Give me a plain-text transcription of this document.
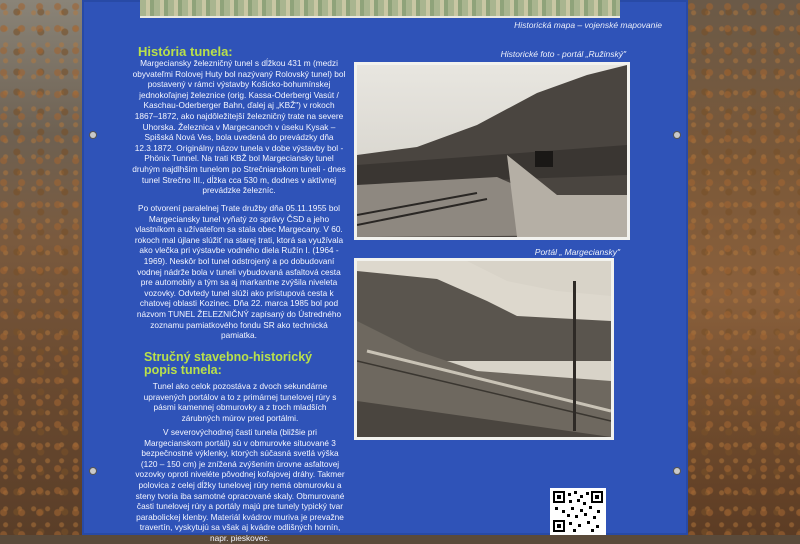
Historická mapa – vojenské mapovanie
História tunela:

Margeciansky železničný tunel s dĺžkou 431 m (medzi obyvateľmi Rolovej Huty bol nazývaný Rolovský tunel) bol postavený v rámci výstavby Košicko-bohumínskej jednokoľajnej železnice (orig. Kassa-Oderbergi Vasút / Kaschau-Oderberger Bahn, ďalej aj „KBŽ") v rokoch 1867–1872, ako najdôležitejší železničný trate na severe Uhorska. Železnica v Margecanoch v úseku Kysak – Spišská Nová Ves, bola uvedená do prevádzky dňa 12.3.1872. Originálny názov tunela v dobe výstavby bol - Phönix Tunnel. Na trati KBŽ bol Margeciansky tunel druhým najdlhším tunelom po Strečnianskom tuneli - dnes tunel Strečno III., dĺžka cca 530 m, dodnes v aktívnej prevádzke železníc.

Po otvorení paralelnej Trate družby dňa 05.11.1955 bol Margeciansky tunel vyňatý zo správy ČSD a jeho vlastníkom a užívateľom sa stala obec Margecany. V 60. rokoch mal újlane slúžiť na starej trati, ktorá sa využívala ako vlečka pri výstavbe vodného diela Ružín I. (1964 - 1969). Neskôr bol tunel odstrojený a po dobudovaní vodnej nádrže bola v tuneli vybudovaná asfaltová cesta pre automobily a tým sa aj markantne zvýšila niveleta vozovky. Odvtedy tunel slúži ako prístupová cesta k chatovej oblasti Kozinec. Dňa 22. marca 1985 bol pod názvom TUNEL ŽELEZNIČNÝ zapísaný do Ústredného zoznamu pamiatkového fondu SR ako technická pamiatka.

Stručný stavebno-historický
popis tunela:

Tunel ako celok pozostáva z dvoch sekundárne upravených portálov a to z primárnej tunelovej rúry s pásmi kamennej obmurovky a z troch mladších zárubných múrov pred portálmi.

V severovýchodnej časti tunela (bližšie pri Margecianskom portáli) sú v obmurovke situované 3 bezpečnostné výklenky, ktorých súčasná svetlá výška (120 – 150 cm) je znížená zvýšením úrovne asfaltovej vozovky oproti niveléte pôvodnej koľajovej dráhy. Takmer polovica z celej dĺžky tunelovej rúry nemá obmurovku a steny tvoria iba samotné opracované skaly. Obmurované časti tunelovej rúry a portály majú pre tunely typický tvar parabolickej klenby. Materiál kvádrov muriva je prevažne travertín, vyskytujú sa však aj kvádre odlišných hornín, napr. pieskovec.

Historické foto - portál „Ružinský"
Portál „ Margeciansky"
